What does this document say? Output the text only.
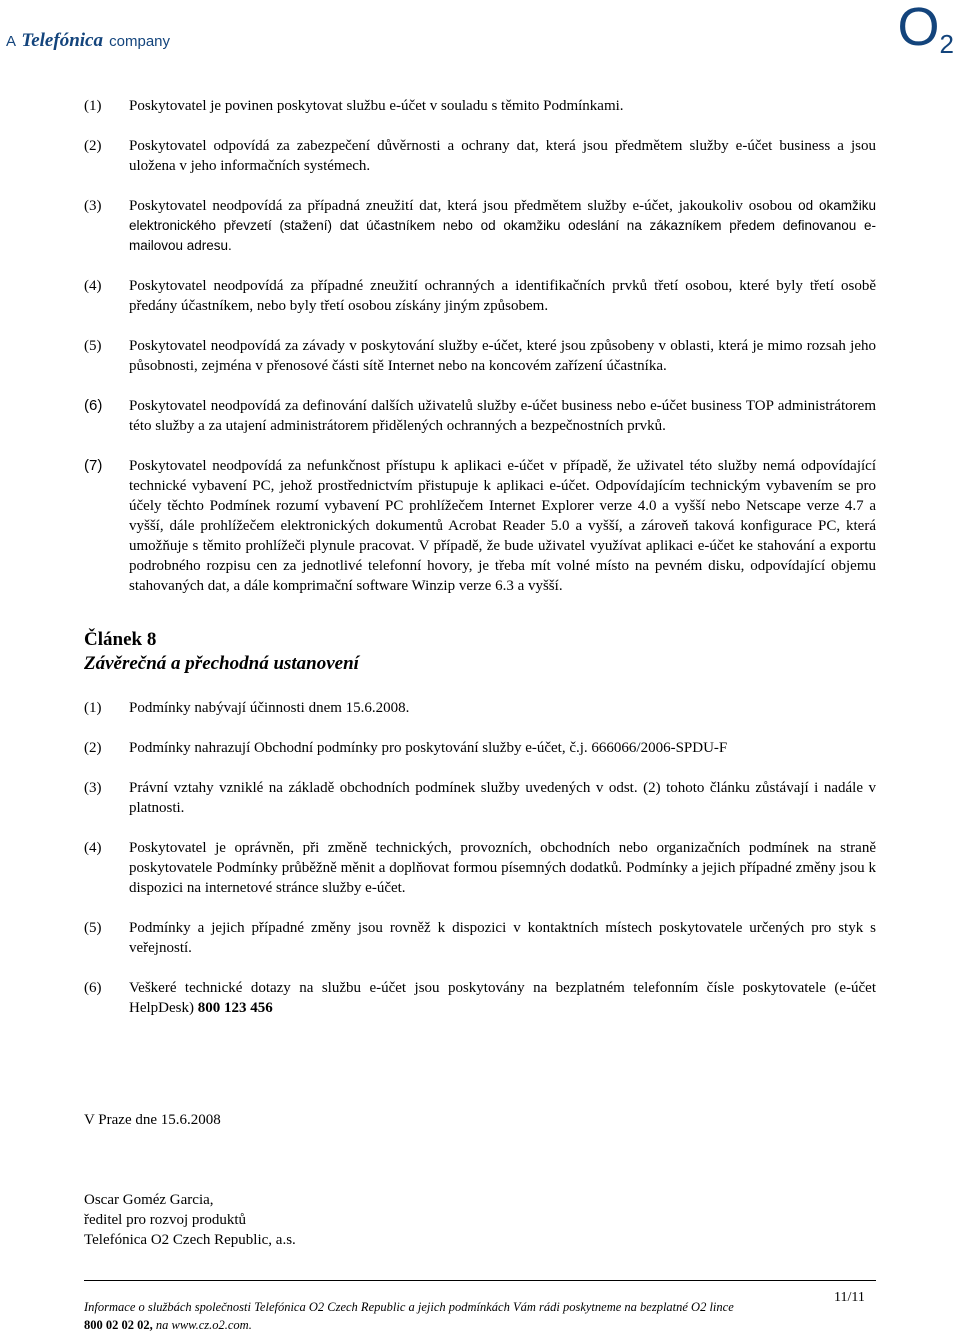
A Telefónica company	$O_2$
(1) Poskytovatel je povinen poskytovat službu e-účet v souladu s těmito Podmínkami.
(2) Poskytovatel odpovídá za zabezpečení důvěrnosti a ochrany dat, která jsou předmětem služby e-účet business a jsou uložena v jeho informačních systémech.
(3) Poskytovatel neodpovídá za případná zneužití dat, která jsou předmětem služby e-účet, jakoukoliv osobou od okamžiku elektronického převzetí (stažení) dat účastníkem nebo od okamžiku odeslání na zákazníkem předem definovanou e-mailovou adresu.
(4) Poskytovatel neodpovídá za případné zneužití ochranných a identifikačních prvků třetí osobou, které byly třetí osobě předány účastníkem, nebo byly třetí osobou získány jiným způsobem.
(5) Poskytovatel neodpovídá za závady v poskytování služby e-účet, které jsou způsobeny v oblasti, která je mimo rozsah jeho působnosti, zejména v přenosové části sítě Internet nebo na koncovém zařízení účastníka.
(6) Poskytovatel neodpovídá za definování dalších uživatelů služby e-účet business nebo e-účet business TOP administrátorem této služby a za utajení administrátorem přidělených ochranných a bezpečnostních prvků.
(7) Poskytovatel neodpovídá za nefunkčnost přístupu k aplikaci e-účet v případě, že uživatel této služby nemá odpovídající technické vybavení PC, jehož prostřednictvím přistupuje k aplikaci e-účet. Odpovídajícím technickým vybavením se pro účely těchto Podmínek rozumí vybavení PC prohlížečem Internet Explorer verze 4.0 a vyšší nebo Netscape verze 4.7 a vyšší, dále prohlížečem elektronických dokumentů Acrobat Reader 5.0 a vyšší, a zároveň taková konfigurace PC, která umožňuje s těmito prohlížeči plynule pracovat. V případě, že bude uživatel využívat aplikaci e-účet ke stahování a exportu podrobného rozpisu cen za jednotlivé telefonní hovory, je třeba mít volné místo na pevném disku, odpovídající objemu stahovaných dat, a dále komprimační software Winzip verze 6.3 a vyšší.

Článek 8

Závěrečná a přechodná ustanovení

(1) Podmínky nabývají účinnosti dnem 15.6.2008.
(2) Podmínky nahrazují Obchodní podmínky pro poskytování služby e-účet, č.j. 666066/2006-SPDU-F
(3) Právní vztahy vzniklé na základě obchodních podmínek služby uvedených v odst. (2) tohoto článku zůstávají i nadále v platnosti.
(4) Poskytovatel je oprávněn, při změně technických, provozních, obchodních nebo organizačních podmínek na straně poskytovatele Podmínky průběžně měnit a doplňovat formou písemných dodatků. Podmínky a jejich případné změny jsou k dispozici na internetové stránce služby e-účet.
(5) Podmínky a jejich případné změny jsou rovněž k dispozici v kontaktních místech poskytovatele určených pro styk s veřejností.
(6) Veškeré technické dotazy na službu e-účet jsou poskytovány na bezplatném telefonním čísle poskytovatele (e-účet HelpDesk) 800 123 456
V Praze dne 15.6.2008
Oscar Goméz Garcia,
ředitel pro rozvoj produktů
Telefónica O2 Czech Republic, a.s.
Informace o službách společnosti Telefónica O2 Czech Republic a jejich podmínkách Vám rádi poskytneme na bezplatné O2 lince
800 02 02 02, na www.cz.o2.com.
11/11
